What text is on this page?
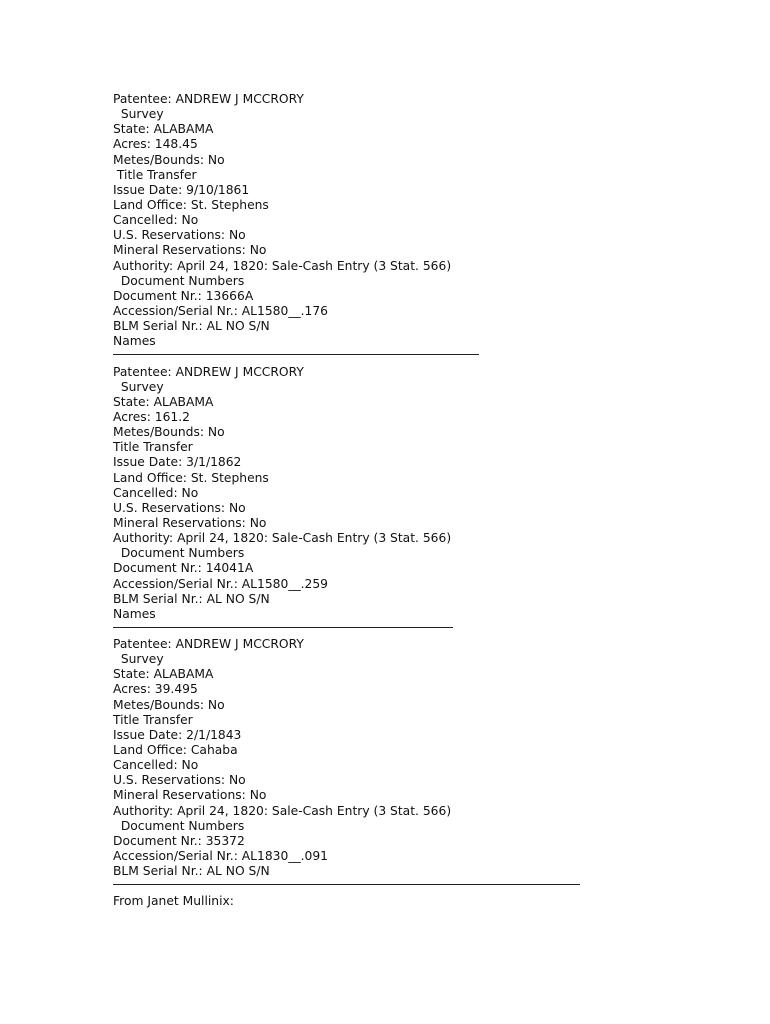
Patentee: ANDREW J MCCRORY
Survey
State: ALABAMA
Acres: 148.45
Metes/Bounds: No
Title Transfer
Issue Date: 9/10/1861
Land Office: St. Stephens
Cancelled: No
U.S. Reservations: No
Mineral Reservations: No
Authority: April 24, 1820: Sale-Cash Entry (3 Stat. 566)
Document Numbers
Document Nr.: 13666A
Accession/Serial Nr.: AL1580__.176
BLM Serial Nr.: AL NO S/N
Names
Patentee: ANDREW J MCCRORY
Survey
State: ALABAMA
Acres: 161.2
Metes/Bounds: No
Title Transfer
Issue Date: 3/1/1862
Land Office: St. Stephens
Cancelled: No
U.S. Reservations: No
Mineral Reservations: No
Authority: April 24, 1820: Sale-Cash Entry (3 Stat. 566)
Document Numbers
Document Nr.: 14041A
Accession/Serial Nr.: AL1580__.259
BLM Serial Nr.: AL NO S/N
Names
Patentee: ANDREW J MCCRORY
Survey
State: ALABAMA
Acres: 39.495
Metes/Bounds: No
Title Transfer
Issue Date: 2/1/1843
Land Office: Cahaba
Cancelled: No
U.S. Reservations: No
Mineral Reservations: No
Authority: April 24, 1820: Sale-Cash Entry (3 Stat. 566)
Document Numbers
Document Nr.: 35372
Accession/Serial Nr.: AL1830__.091
BLM Serial Nr.: AL NO S/N
From Janet Mullinix:
